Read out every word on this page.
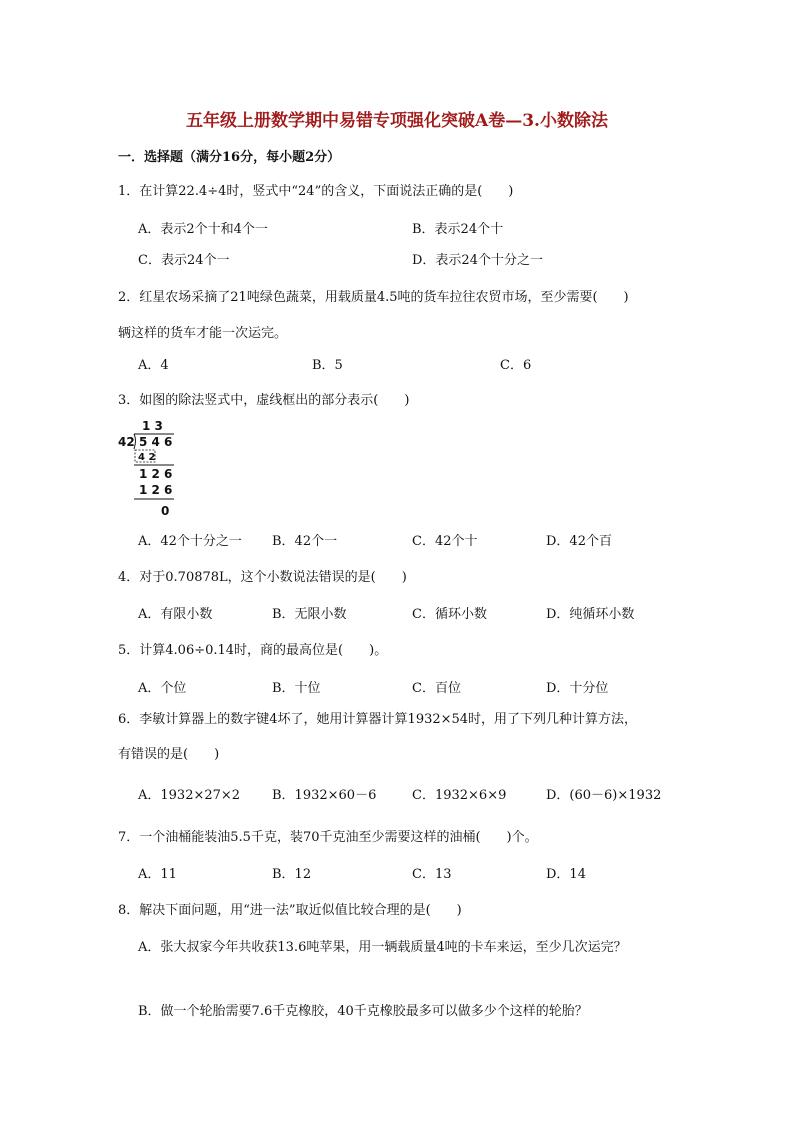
五年级上册数学期中易错专项强化突破A卷—3.小数除法
一．选择题（满分16分，每小题2分）
1．在计算22.4÷4时，竖式中“24”的含义，下面说法正确的是(　　)
A．表示2个十和4个一	B．表示24个十
C．表示24个一	D．表示24个十分之一
2．红星农场采摘了21吨绿色蔬菜，用载质量4.5吨的货车拉往农贸市场，至少需要(　　)
辆这样的货车才能一次运完。
A．4	B．5	C．6
3．如图的除法竖式中，虚线框出的部分表示(　　)
1 3
42 5 4 6
4 2
1 2 6
1 2 6
0
A．42个十分之一 B．42个一	C．42个十	D．42个百
4．对于0.70878L，这个小数说法错误的是(　　)
A．有限小数	B．无限小数	C．循环小数	D．纯循环小数
5．计算4.06÷0.14时，商的最高位是(　　)。
A．个位	B．十位	C．百位	D．十分位
6．李敏计算器上的数字键4坏了，她用计算器计算1932×54时，用了下列几种计算方法，
有错误的是(　　)
A．1932×27×2 B．1932×60－6	C．1932×6×9	D．(60－6)×1932
7．一个油桶能装油5.5千克，装70千克油至少需要这样的油桶(　　)个。
A．11	B．12	C．13	D．14
8．解决下面问题，用“进一法”取近似值比较合理的是(　　)
A．张大叔家今年共收获13.6吨苹果，用一辆载质量4吨的卡车来运，至少几次运完？
B．做一个轮胎需要7.6千克橡胶，40千克橡胶最多可以做多少个这样的轮胎？
